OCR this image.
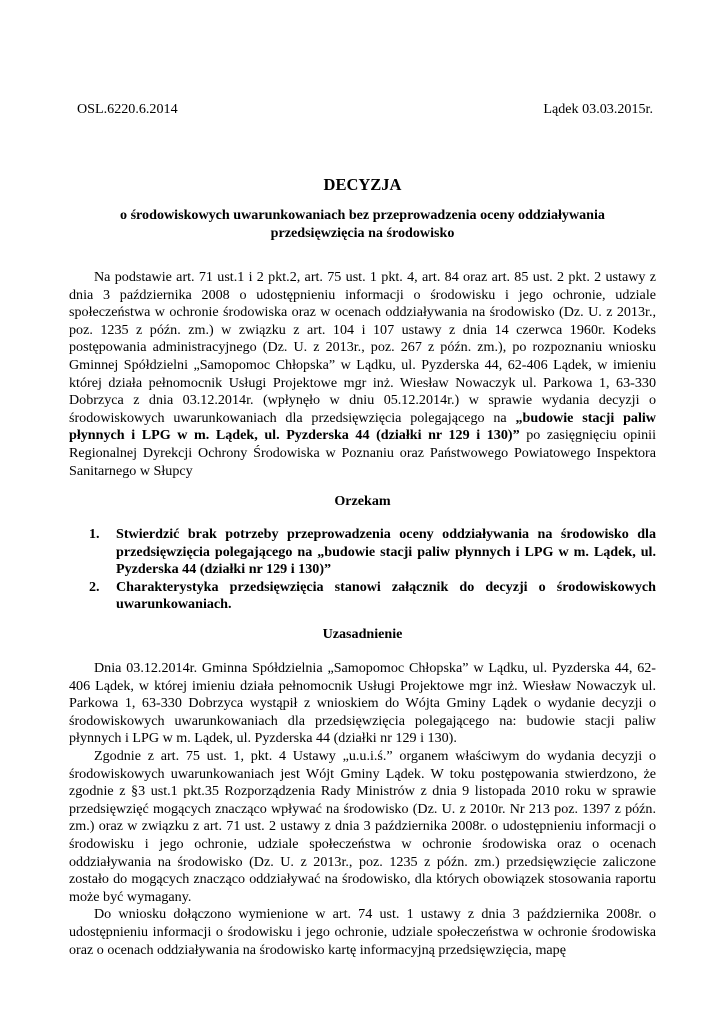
OSL.6220.6.2014	Lądek 03.03.2015r.
DECYZJA
o środowiskowych uwarunkowaniach bez przeprowadzenia oceny oddziaływania przedsięwzięcia na środowisko
Na podstawie art. 71 ust.1 i 2 pkt.2, art. 75 ust. 1 pkt. 4, art. 84 oraz art. 85 ust. 2 pkt. 2 ustawy z dnia 3 października 2008 o udostępnieniu informacji o środowisku i jego ochronie, udziale społeczeństwa w ochronie środowiska oraz w ocenach oddziaływania na środowisko (Dz. U. z 2013r., poz. 1235 z późn. zm.) w związku z art. 104 i 107 ustawy z dnia 14 czerwca 1960r. Kodeks postępowania administracyjnego (Dz. U. z 2013r., poz. 267 z późn. zm.), po rozpoznaniu wniosku Gminnej Spółdzielni „Samopomoc Chłopska” w Lądku, ul. Pyzderska 44, 62-406 Lądek, w imieniu której działa pełnomocnik Usługi Projektowe mgr inż. Wiesław Nowaczyk ul. Parkowa 1, 63-330 Dobrzyca z dnia 03.12.2014r. (wpłynęło w dniu 05.12.2014r.) w sprawie wydania decyzji o środowiskowych uwarunkowaniach dla przedsięwzięcia polegającego na „budowie stacji paliw płynnych i LPG w m. Lądek, ul. Pyzderska 44 (działki nr 129 i 130)” po zasięgnięciu opinii Regionalnej Dyrekcji Ochrony Środowiska w Poznaniu oraz Państwowego Powiatowego Inspektora Sanitarnego w Słupcy
Orzekam
1. Stwierdzić brak potrzeby przeprowadzenia oceny oddziaływania na środowisko dla przedsięwzięcia polegającego na „budowie stacji paliw płynnych i LPG w m. Lądek, ul. Pyzderska 44 (działki nr 129 i 130)”
2. Charakterystyka przedsięwzięcia stanowi załącznik do decyzji o środowiskowych uwarunkowaniach.
Uzasadnienie

Dnia 03.12.2014r. Gminna Spółdzielnia „Samopomoc Chłopska” w Lądku, ul. Pyzderska 44, 62-406 Lądek, w której imieniu działa pełnomocnik Usługi Projektowe mgr inż. Wiesław Nowaczyk ul. Parkowa 1, 63-330 Dobrzyca wystąpił z wnioskiem do Wójta Gminy Lądek o wydanie decyzji o środowiskowych uwarunkowaniach dla przedsięwzięcia polegającego na: budowie stacji paliw płynnych i LPG w m. Lądek, ul. Pyzderska 44 (działki nr 129 i 130).

Zgodnie z art. 75 ust. 1, pkt. 4 Ustawy „u.u.i.ś.” organem właściwym do wydania decyzji o środowiskowych uwarunkowaniach jest Wójt Gminy Lądek. W toku postępowania stwierdzono, że zgodnie z §3 ust.1 pkt.35 Rozporządzenia Rady Ministrów z dnia 9 listopada 2010 roku w sprawie przedsięwzięć mogących znacząco wpływać na środowisko (Dz. U. z 2010r. Nr 213 poz. 1397 z późn. zm.) oraz w związku z art. 71 ust. 2 ustawy z dnia 3 października 2008r. o udostępnieniu informacji o środowisku i jego ochronie, udziale społeczeństwa w ochronie środowiska oraz o ocenach oddziaływania na środowisko (Dz. U. z 2013r., poz. 1235 z późn. zm.) przedsięwzięcie zaliczone zostało do mogących znacząco oddziaływać na środowisko, dla których obowiązek stosowania raportu może być wymagany.

Do wniosku dołączono wymienione w art. 74 ust. 1 ustawy z dnia 3 października 2008r. o udostępnieniu informacji o środowisku i jego ochronie, udziale społeczeństwa w ochronie środowiska oraz o ocenach oddziaływania na środowisko kartę informacyjną przedsięwzięcia, mapę
